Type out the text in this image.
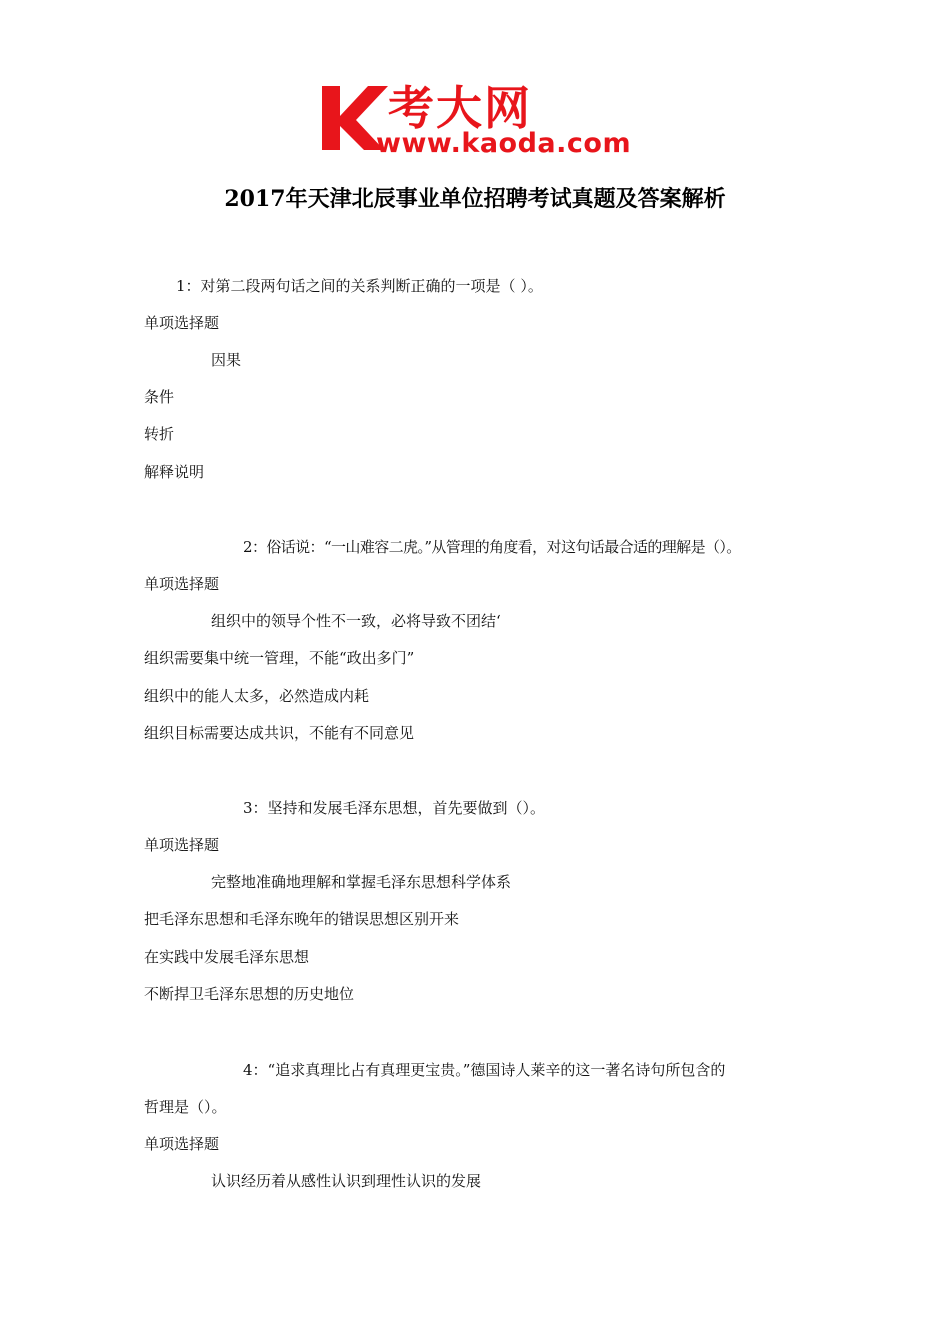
考大网
www.kaoda.com
2017年天津北辰事业单位招聘考试真题及答案解析
1：对第二段两句话之间的关系判断正确的一项是（ ）。
单项选择题
因果
条件
转折
解释说明
2：俗话说：“一山难容二虎。”从管理的角度看，对这句话最合适的理解是（）。
单项选择题
组织中的领导个性不一致，必将导致不团结‘
组织需要集中统一管理，不能“政出多门”
组织中的能人太多，必然造成内耗
组织目标需要达成共识，不能有不同意见
3：坚持和发展毛泽东思想，首先要做到（）。
单项选择题
完整地准确地理解和掌握毛泽东思想科学体系
把毛泽东思想和毛泽东晚年的错误思想区别开来
在实践中发展毛泽东思想
不断捍卫毛泽东思想的历史地位
4：“追求真理比占有真理更宝贵。”德国诗人莱辛的这一著名诗句所包含的
哲理是（）。
单项选择题
认识经历着从感性认识到理性认识的发展
